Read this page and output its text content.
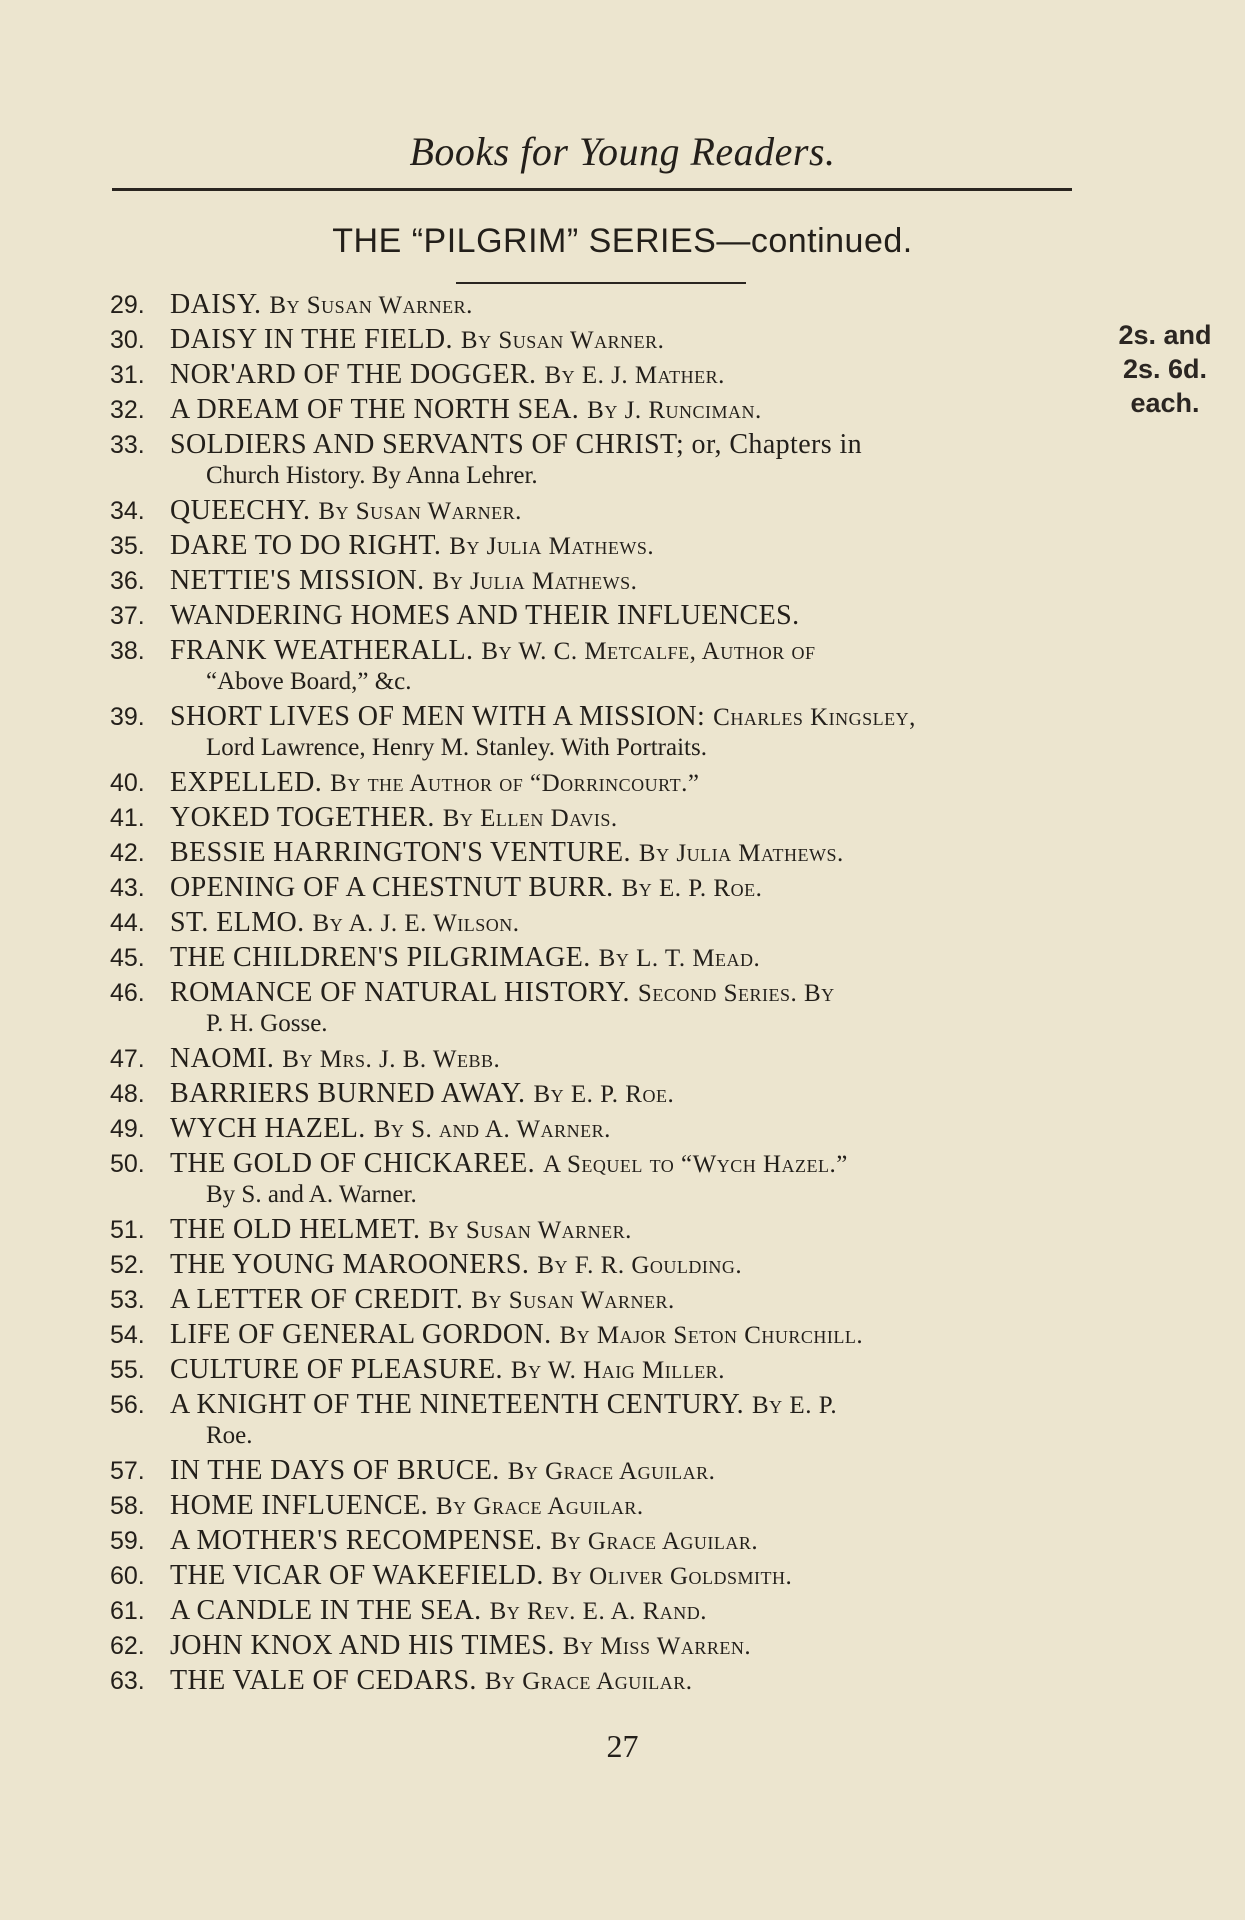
Books for Young Readers.
THE “PILGRIM” SERIES—continued.
29. DAISY.  By Susan Warner.
30. DAISY IN THE FIELD.  By Susan Warner.
31. NOR'ARD OF THE DOGGER.  By E. J. Mather.
32. A DREAM OF THE NORTH SEA.  By J. Runciman.
33. SOLDIERS AND SERVANTS OF CHRIST; or, Chapters in
Church History. By Anna Lehrer.
34. QUEECHY.  By Susan Warner.
35. DARE TO DO RIGHT.  By Julia Mathews.
36. NETTIE'S MISSION.  By Julia Mathews.
37. WANDERING HOMES AND THEIR INFLUENCES.
38. FRANK WEATHERALL.  By W. C. Metcalfe, Author of
“Above Board,” &c.
39. SHORT LIVES OF MEN WITH A MISSION:  Charles Kingsley,
Lord Lawrence, Henry M. Stanley. With Portraits.
40. EXPELLED.  By the Author of “Dorrincourt.”
41. YOKED TOGETHER.  By Ellen Davis.
42. BESSIE HARRINGTON'S VENTURE.  By Julia Mathews.
43. OPENING OF A CHESTNUT BURR.  By E. P. Roe.
44. ST. ELMO.  By A. J. E. Wilson.
45. THE CHILDREN'S PILGRIMAGE.  By L. T. Mead.
46. ROMANCE OF NATURAL HISTORY.  Second Series. By
P. H. Gosse.
47. NAOMI.  By Mrs. J. B. Webb.
48. BARRIERS BURNED AWAY.  By E. P. Roe.
49. WYCH HAZEL.  By S. and A. Warner.
50. THE GOLD OF CHICKAREE.  A Sequel to “Wych Hazel.”
By S. and A. Warner.
51. THE OLD HELMET.  By Susan Warner.
52. THE YOUNG MAROONERS.  By F. R. Goulding.
53. A LETTER OF CREDIT.  By Susan Warner.
54. LIFE OF GENERAL GORDON.  By Major Seton Churchill.
55. CULTURE OF PLEASURE.  By W. Haig Miller.
56. A KNIGHT OF THE NINETEENTH CENTURY.  By E. P.
Roe.
57. IN THE DAYS OF BRUCE.  By Grace Aguilar.
58. HOME INFLUENCE.  By Grace Aguilar.
59. A MOTHER'S RECOMPENSE.  By Grace Aguilar.
60. THE VICAR OF WAKEFIELD.  By Oliver Goldsmith.
61. A CANDLE IN THE SEA.  By Rev. E. A. Rand.
62. JOHN KNOX AND HIS TIMES.  By Miss Warren.
63. THE VALE OF CEDARS.  By Grace Aguilar.
2s. and
2s. 6d.
each.
27
